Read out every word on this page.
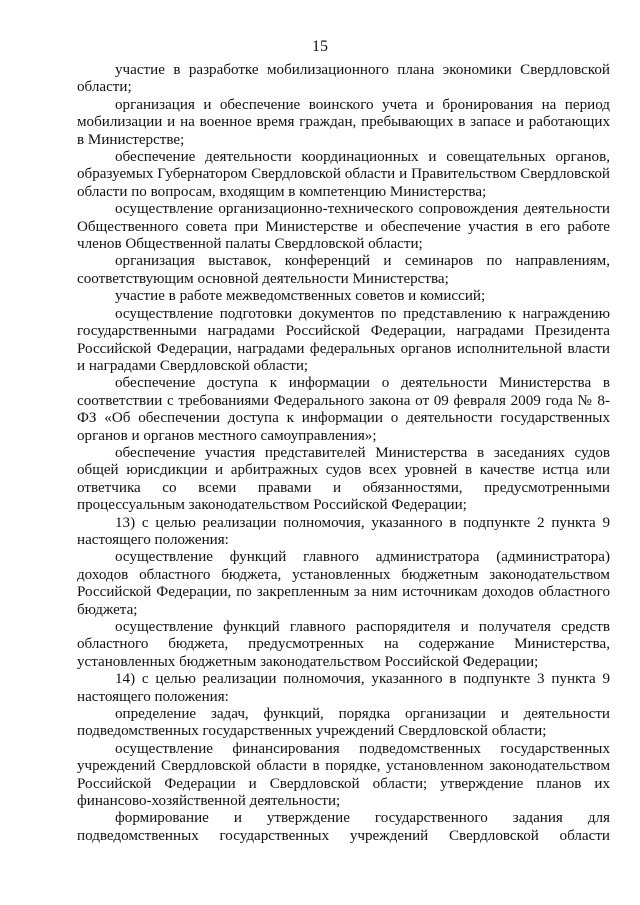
15

участие в разработке мобилизационного плана экономики Свердловской области;

организация и обеспечение воинского учета и бронирования на период мобилизации и на военное время граждан, пребывающих в запасе и работающих в Министерстве;

обеспечение деятельности координационных и совещательных органов, образуемых Губернатором Свердловской области и Правительством Свердловской области по вопросам, входящим в компетенцию Министерства;

осуществление организационно-технического сопровождения деятельности Общественного совета при Министерстве и обеспечение участия в его работе членов Общественной палаты Свердловской области;

организация выставок, конференций и семинаров по направлениям, соответствующим основной деятельности Министерства;

участие в работе межведомственных советов и комиссий;

осуществление подготовки документов по представлению к награждению государственными наградами Российской Федерации, наградами Президента Российской Федерации, наградами федеральных органов исполнительной власти и наградами Свердловской области;

обеспечение доступа к информации о деятельности Министерства в соответствии с требованиями Федерального закона от 09 февраля 2009 года № 8-ФЗ «Об обеспечении доступа к информации о деятельности государственных органов и органов местного самоуправления»;

обеспечение участия представителей Министерства в заседаниях судов общей юрисдикции и арбитражных судов всех уровней в качестве истца или ответчика со всеми правами и обязанностями, предусмотренными процессуальным законодательством Российской Федерации;

13) с целью реализации полномочия, указанного в подпункте 2 пункта 9 настоящего положения:

осуществление функций главного администратора (администратора) доходов областного бюджета, установленных бюджетным законодательством Российской Федерации, по закрепленным за ним источникам доходов областного бюджета;

осуществление функций главного распорядителя и получателя средств областного бюджета, предусмотренных на содержание Министерства, установленных бюджетным законодательством Российской Федерации;

14) с целью реализации полномочия, указанного в подпункте 3 пункта 9 настоящего положения:

определение задач, функций, порядка организации и деятельности подведомственных государственных учреждений Свердловской области;

осуществление финансирования подведомственных государственных учреждений Свердловской области в порядке, установленном законодательством Российской Федерации и Свердловской области; утверждение планов их финансово-хозяйственной деятельности;

формирование и утверждение государственного задания для подведомственных государственных учреждений Свердловской области
